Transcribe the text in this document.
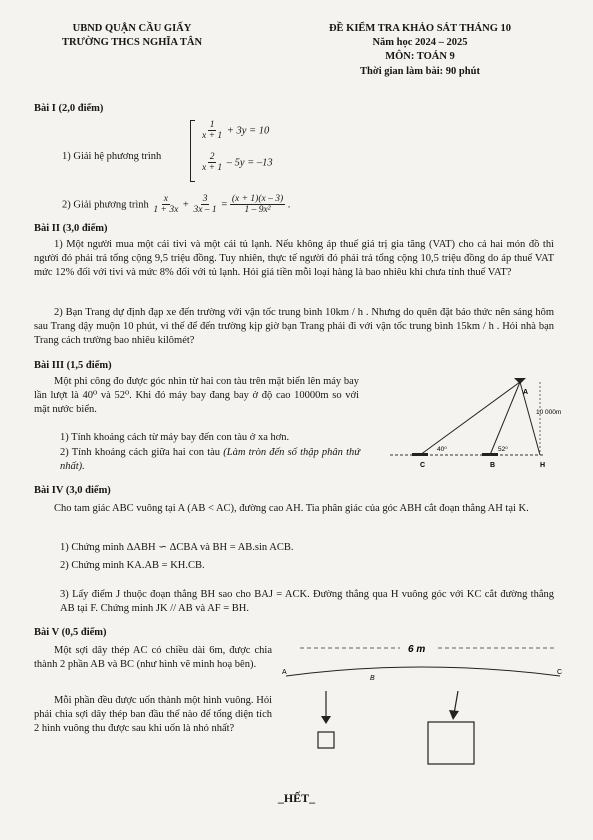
UBND QUẬN CẦU GIẤY
TRƯỜNG THCS NGHĨA TÂN
ĐỀ KIỂM TRA KHẢO SÁT THÁNG 10
Năm học 2024 – 2025
MÔN: TOÁN 9
Thời gian làm bài: 90 phút
Bài I (2,0 điểm)
1) Giải hệ phương trình
$\frac{1}{x + 1} + 3y = 10$
$\frac{2}{x + 1} - 5y = -13$
2) Giải phương trình $\frac{x}{1 + 3x} + \frac{3}{3x - 1} = \frac{(x + 1)(x - 3)}{\text{1 – 9x²}}$ .
Bài II (3,0 điểm)
1) Một người mua một cái tivi và một cái tủ lạnh. Nếu không áp thuế giá trị gia tăng (VAT) cho cả hai món đồ thì người đó phải trả tổng cộng 9,5 triệu đồng. Tuy nhiên, thực tế người đó phải trả tổng cộng 10,5 triệu đồng do áp thuế VAT mức 12% đối với tivi và mức 8% đối với tủ lạnh. Hỏi giá tiền mỗi loại hàng là bao nhiêu khi chưa tính thuế VAT?
2) Bạn Trang dự định đạp xe đến trường với vận tốc trung bình 10km / h . Nhưng do quên đặt báo thức nên sáng hôm sau Trang dậy muộn 10 phút, vì thế để đến trường kịp giờ bạn Trang phải đi với vận tốc trung bình 15km / h . Hỏi nhà bạn Trang cách trường bao nhiêu kilômét?
Bài III (1,5 điểm)
Một phi công đo được góc nhìn từ hai con tàu trên mặt biển lên máy bay lần lượt là 40⁰ và 52⁰. Khi đó máy bay đang bay ở độ cao 10000m so với mặt nước biển.
1) Tính khoảng cách từ máy bay đến con tàu ở xa hơn.
2) Tính khoảng cách giữa hai con tàu (Làm tròn đến số thập phân thứ nhất).
A
C	B	H
40⁰	52⁰
10 000m
Bài IV (3,0 điểm)
Cho tam giác ABC vuông tại A (AB < AC), đường cao AH. Tia phân giác của góc ABH cắt đoạn thẳng AH tại K.
1) Chứng minh ΔABH ∽ ΔCBA và BH = AB.sin ACB.
2) Chứng minh KA.AB = KH.CB.
3) Lấy điểm J thuộc đoạn thẳng BH sao cho BAJ = ACK. Đường thẳng qua H vuông góc với KC cắt đường thẳng AB tại F. Chứng minh JK // AB và AF = BH.
Bài V (0,5 điểm)
Một sợi dây thép AC có chiều dài 6m, được chia thành 2 phần AB và BC (như hình vẽ minh hoạ bên).
Mỗi phần đều được uốn thành một hình vuông. Hỏi phải chia sợi dây thép ban đầu thế nào để tổng diện tích 2 hình vuông thu được sau khi uốn là nhỏ nhất?
6 m
A
B
C
_HẾT_
